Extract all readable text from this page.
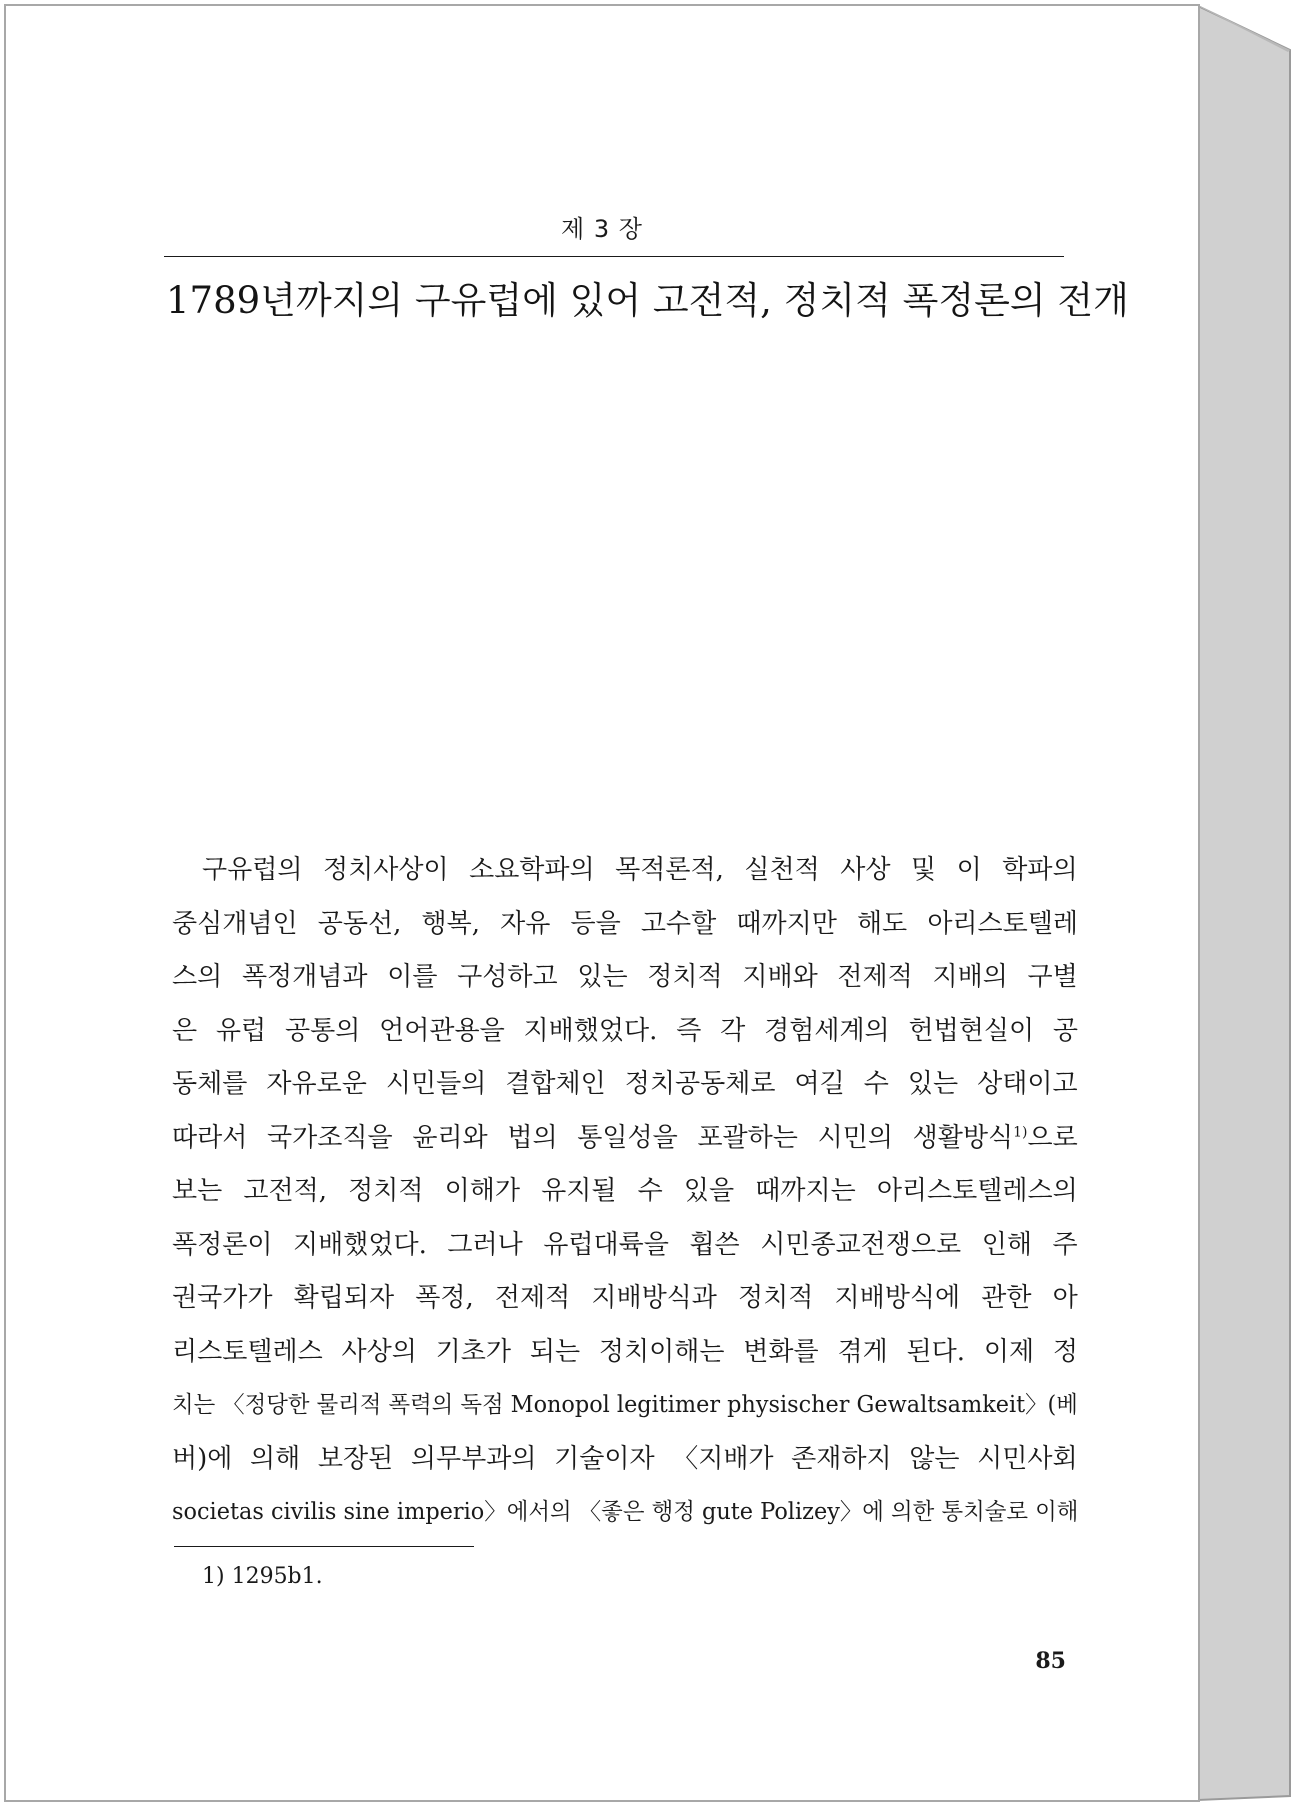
제 3 장
1789년까지의 구유럽에 있어 고전적, 정치적 폭정론의 전개
구유럽의 정치사상이 소요학파의 목적론적, 실천적 사상 및 이 학파의
중심개념인 공동선, 행복, 자유 등을 고수할 때까지만 해도 아리스토텔레
스의 폭정개념과 이를 구성하고 있는 정치적 지배와 전제적 지배의 구별
은 유럽 공통의 언어관용을 지배했었다. 즉 각 경험세계의 헌법현실이 공
동체를 자유로운 시민들의 결합체인 정치공동체로 여길 수 있는 상태이고
따라서 국가조직을 윤리와 법의 통일성을 포괄하는 시민의 생활방식$^{1)}$으로
보는 고전적, 정치적 이해가 유지될 수 있을 때까지는 아리스토텔레스의
폭정론이 지배했었다. 그러나 유럽대륙을 휩쓴 시민종교전쟁으로 인해 주
권국가가 확립되자 폭정, 전제적 지배방식과 정치적 지배방식에 관한 아
리스토텔레스 사상의 기초가 되는 정치이해는 변화를 겪게 된다. 이제 정
치는 〈정당한 물리적 폭력의 독점 Monopol legitimer physischer Gewaltsamkeit〉(베
버)에 의해 보장된 의무부과의 기술이자 〈지배가 존재하지 않는 시민사회
societas civilis sine imperio〉에서의 〈좋은 행정 gute Polizey〉에 의한 통치술로 이해
1) 1295b1.
85
